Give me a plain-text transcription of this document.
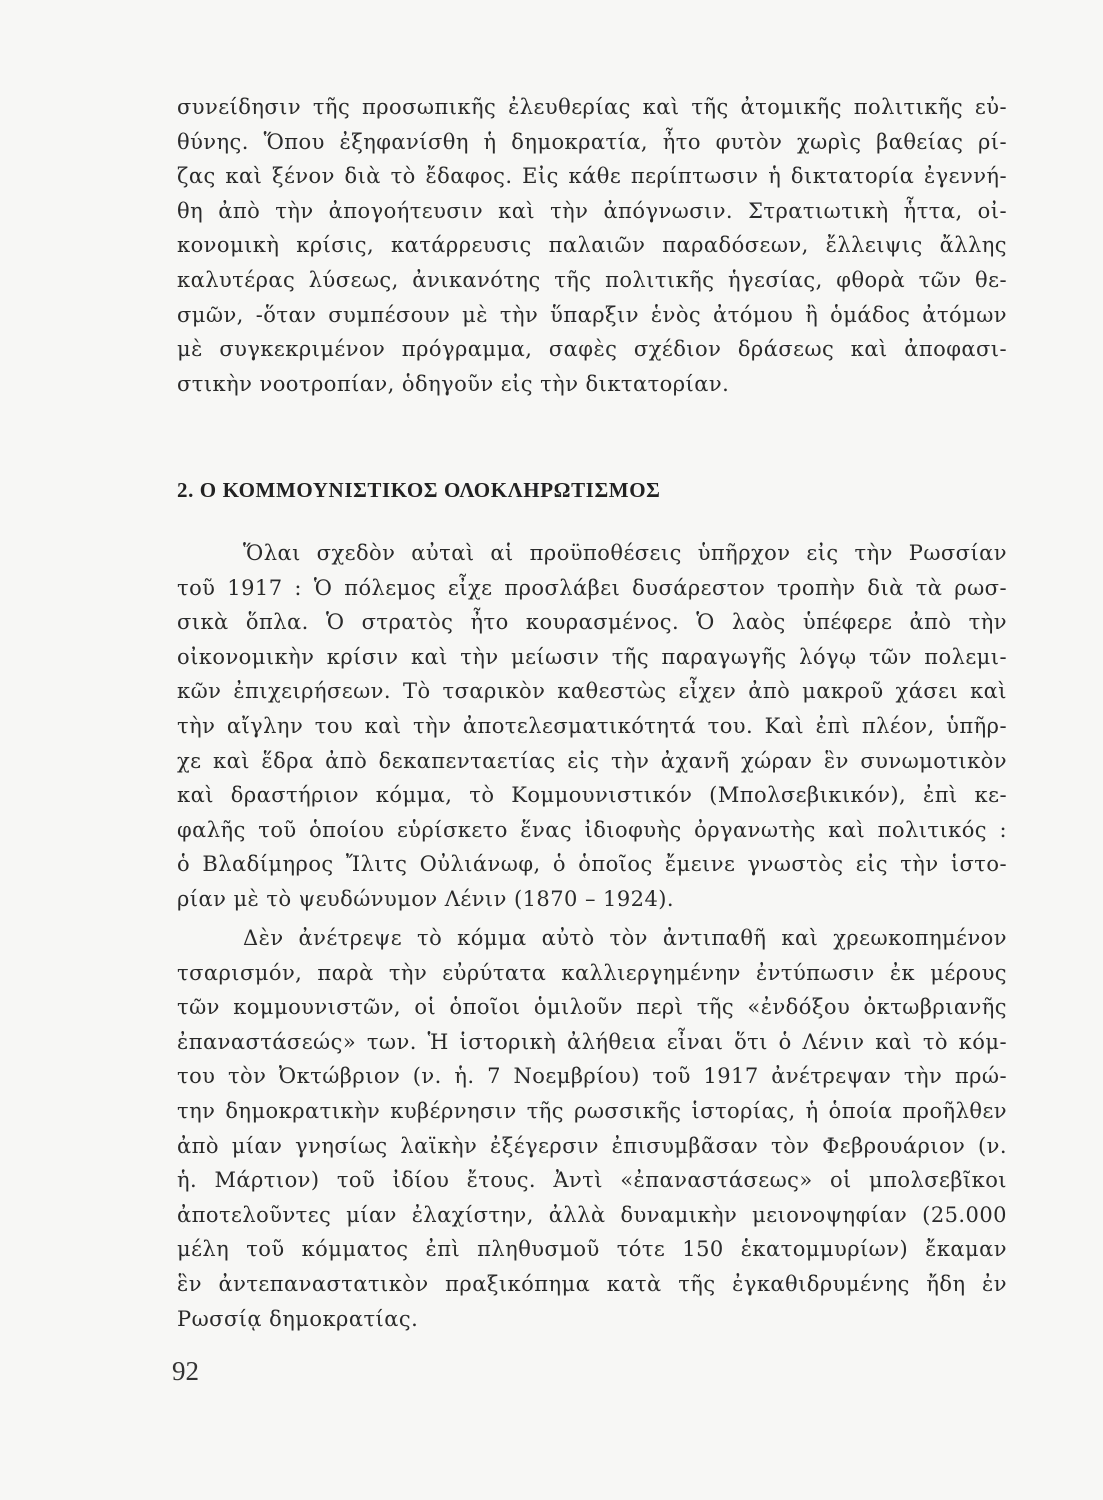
συνείδησιν τῆς προσωπικῆς ἐλευθερίας καὶ τῆς ἀτομικῆς πολιτικῆς εὐ-
θύνης. Ὅπου ἐξηφανίσθη ἡ δημοκρατία, ἦτο φυτὸν χωρὶς βαθείας ρί-
ζας καὶ ξένον διὰ τὸ ἔδαφος. Εἰς κάθε περίπτωσιν ἡ δικτατορία ἐγεννή-
θη ἀπὸ τὴν ἀπογοήτευσιν καὶ τὴν ἀπόγνωσιν. Στρατιωτικὴ ἧττα, οἰ-
κονομικὴ κρίσις, κατάρρευσις παλαιῶν παραδόσεων, ἔλλειψις ἄλλης
καλυτέρας λύσεως, ἀνικανότης τῆς πολιτικῆς ἡγεσίας, φθορὰ τῶν θε-
σμῶν, -ὅταν συμπέσουν μὲ τὴν ὕπαρξιν ἑνὸς ἀτόμου ἢ ὁμάδος ἀτόμων
μὲ συγκεκριμένον πρόγραμμα, σαφὲς σχέδιον δράσεως καὶ ἀποφασι-
στικὴν νοοτροπίαν, ὁδηγοῦν εἰς τὴν δικτατορίαν.
2. Ο ΚΟΜΜΟΥΝΙΣΤΙΚΟΣ ΟΛΟΚΛΗΡΩΤΙΣΜΟΣ
Ὅλαι σχεδὸν αὐταὶ αἱ προϋποθέσεις ὑπῆρχον εἰς τὴν Ρωσσίαν
τοῦ 1917 : Ὁ πόλεμος εἶχε προσλάβει δυσάρεστον τροπὴν διὰ τὰ ρωσ-
σικὰ ὅπλα. Ὁ στρατὸς ἦτο κουρασμένος. Ὁ λαὸς ὑπέφερε ἀπὸ τὴν
οἰκονομικὴν κρίσιν καὶ τὴν μείωσιν τῆς παραγωγῆς λόγῳ τῶν πολεμι-
κῶν ἐπιχειρήσεων. Τὸ τσαρικὸν καθεστὼς εἶχεν ἀπὸ μακροῦ χάσει καὶ
τὴν αἴγλην του καὶ τὴν ἀποτελεσματικότητά του. Καὶ ἐπὶ πλέον, ὑπῆρ-
χε καὶ ἕδρα ἀπὸ δεκαπενταετίας εἰς τὴν ἀχανῆ χώραν ἓν συνωμοτικὸν
καὶ δραστήριον κόμμα, τὸ Κομμουνιστικόν (Μπολσεβικικόν), ἐπὶ κε-
φαλῆς τοῦ ὁποίου εὑρίσκετο ἕνας ἰδιοφυὴς ὀργανωτὴς καὶ πολιτικός :
ὁ Βλαδίμηρος Ἴλιτς Οὐλιάνωφ, ὁ ὁποῖος ἔμεινε γνωστὸς εἰς τὴν ἱστο-
ρίαν μὲ τὸ ψευδώνυμον Λένιν (1870 – 1924).
Δὲν ἀνέτρεψε τὸ κόμμα αὐτὸ τὸν ἀντιπαθῆ καὶ χρεωκοπημένον
τσαρισμόν, παρὰ τὴν εὐρύτατα καλλιεργημένην ἐντύπωσιν ἐκ μέρους
τῶν κομμουνιστῶν, οἱ ὁποῖοι ὁμιλοῦν περὶ τῆς «ἐνδόξου ὀκτωβριανῆς
ἐπαναστάσεώς» των. Ἡ ἱστορικὴ ἀλήθεια εἶναι ὅτι ὁ Λένιν καὶ τὸ κόμ-
του τὸν Ὀκτώβριον (ν. ἡ. 7 Νοεμβρίου) τοῦ 1917 ἀνέτρεψαν τὴν πρώ-
την δημοκρατικὴν κυβέρνησιν τῆς ρωσσικῆς ἱστορίας, ἡ ὁποία προῆλθεν
ἀπὸ μίαν γνησίως λαϊκὴν ἐξέγερσιν ἐπισυμβᾶσαν τὸν Φεβρουάριον (ν.
ἡ. Μάρτιον) τοῦ ἰδίου ἔτους. Ἀντὶ «ἐπαναστάσεως» οἱ μπολσεβῖκοι
ἀποτελοῦντες μίαν ἐλαχίστην, ἀλλὰ δυναμικὴν μειονοψηφίαν (25.000
μέλη τοῦ κόμματος ἐπὶ πληθυσμοῦ τότε 150 ἑκατομμυρίων) ἔκαμαν
ἓν ἀντεπαναστατικὸν πραξικόπημα κατὰ τῆς ἐγκαθιδρυμένης ἤδη ἐν
Ρωσσίᾳ δημοκρατίας.
92
